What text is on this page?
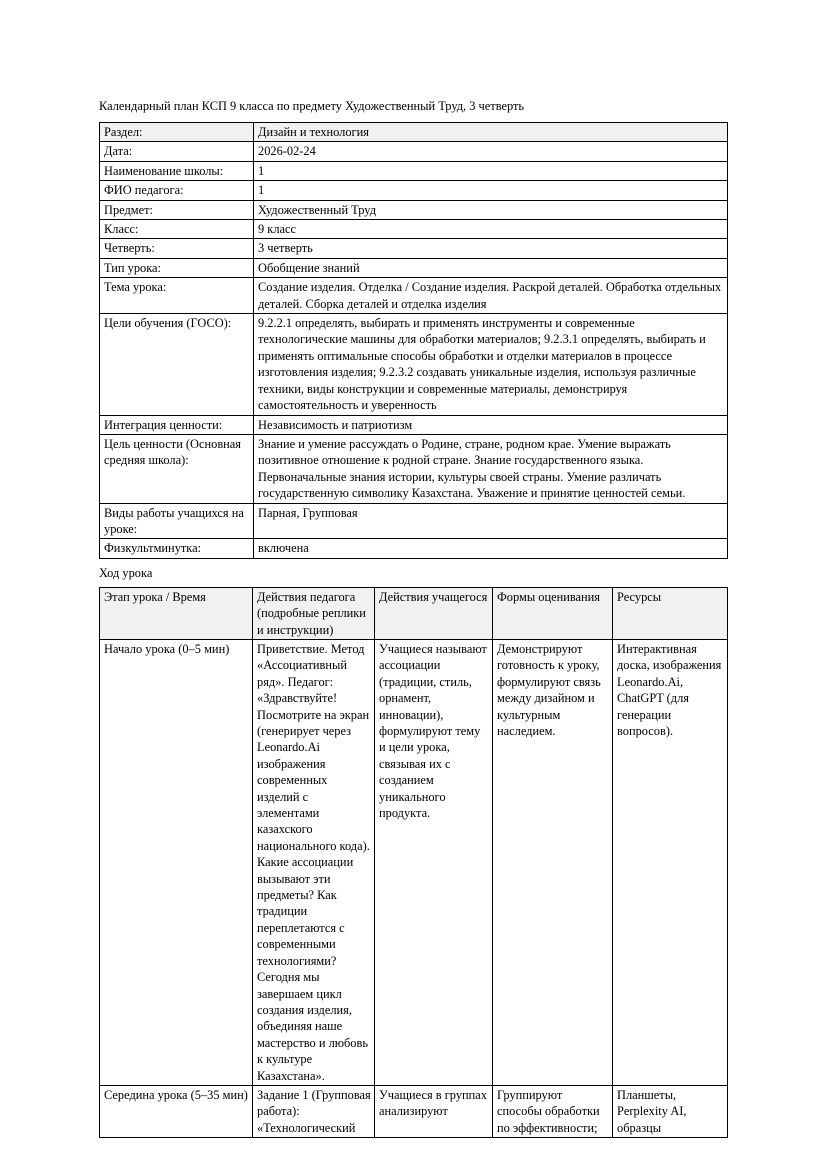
Календарный план КСП 9 класса по предмету Художественный Труд, 3 четверть

Раздел:	Дизайн и технология
Дата:	2026-02-24
Наименование школы:	1
ФИО педагога:	1
Предмет:	Художественный Труд
Класс:	9 класс
Четверть:	3 четверть
Тип урока:	Обобщение знаний
Тема урока:	Создание изделия. Отделка / Создание изделия. Раскрой деталей. Обработка отдельных деталей. Сборка деталей и отделка изделия
Цели обучения (ГОСО):	9.2.2.1 определять, выбирать и применять инструменты и современные технологические машины для обработки материалов; 9.2.3.1 определять, выбирать и применять оптимальные способы обработки и отделки материалов в процессе изготовления изделия; 9.2.3.2 создавать уникальные изделия, используя различные техники, виды конструкции и современные материалы, демонстрируя самостоятельность и уверенность
Интеграция ценности:	Независимость и патриотизм
Цель ценности (Основная средняя школа):	Знание и умение рассуждать о Родине, стране, родном крае. Умение выражать позитивное отношение к родной стране. Знание государственного языка. Первоначальные знания истории, культуры своей страны. Умение различать государственную символику Казахстана. Уважение и принятие ценностей семьи.
Виды работы учащихся на уроке:	Парная, Групповая
Физкультминутка:	включена

Ход урока

Этап урока / Время	Действия педагога (подробные реплики и инструкции)	Действия учащегося	Формы оценивания	Ресурсы
Начало урока (0–5 мин)	Приветствие. Метод «Ассоциативный ряд». Педагог: «Здравствуйте! Посмотрите на экран (генерирует через Leonardo.Ai изображения современных изделий с элементами казахского национального кода). Какие ассоциации вызывают эти предметы? Как традиции переплетаются с современными технологиями? Сегодня мы завершаем цикл создания изделия, объединяя наше мастерство и любовь к культуре Казахстана».	Учащиеся называют ассоциации (традиции, стиль, орнамент, инновации), формулируют тему и цели урока, связывая их с созданием уникального продукта.	Демонстрируют готовность к уроку, формулируют связь между дизайном и культурным наследием.	Интерактивная доска, изображения Leonardo.Ai, ChatGPT (для генерации вопросов).
Середина урока (5–35 мин)	Задание 1 (Групповая работа): «Технологический	Учащиеся в группах анализируют	Группируют способы обработки по эффективности;	Планшеты, Perplexity AI, образцы
